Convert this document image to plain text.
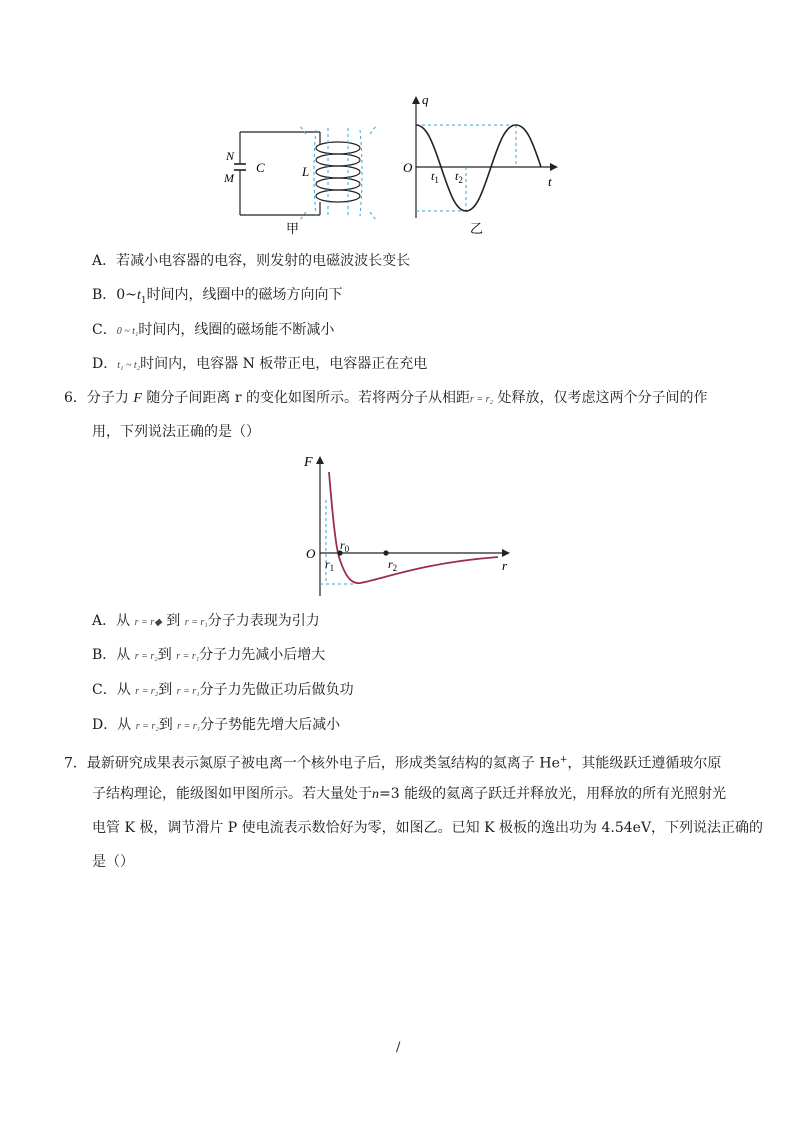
N
M
C	L
甲
q
O
t
$t_1$ $t_2$
乙
A．若减小电容器的电容，则发射的电磁波波长变长
B．$0\sim t_1$时间内，线圈中的磁场方向向下
C．0 ~ t₁时间内，线圈的磁场能不断减小
D．t₁ ~ t₂时间内，电容器 N 板带正电，电容器正在充电
6．分子力 F 随分子间距离 r 的变化如图所示。若将两分子从相距r = r₂ 处释放，仅考虑这两个分子间的作
用，下列说法正确的是（）
F
O
r
$r_0$
$r_1$	$r_2$
A．从 r = r◆ 到 r = r₁分子力表现为引力
B．从 r = r₂到 r = r₁分子力先减小后增大
C．从 r = r₂到 r = r₁分子力先做正功后做负功
D．从 r = r₂到 r = r₁分子势能先增大后减小
7．最新研究成果表示氮原子被电离一个核外电子后，形成类氢结构的氦离子 He+，其能级跃迁遵循玻尔原
子结构理论，能级图如甲图所示。若大量处于n=3 能级的氦离子跃迁并释放光，用释放的所有光照射光
电管 K 极，调节滑片 P 使电流表示数恰好为零，如图乙。已知 K 极板的逸出功为 4.54eV，下列说法正确的
是（）
/
